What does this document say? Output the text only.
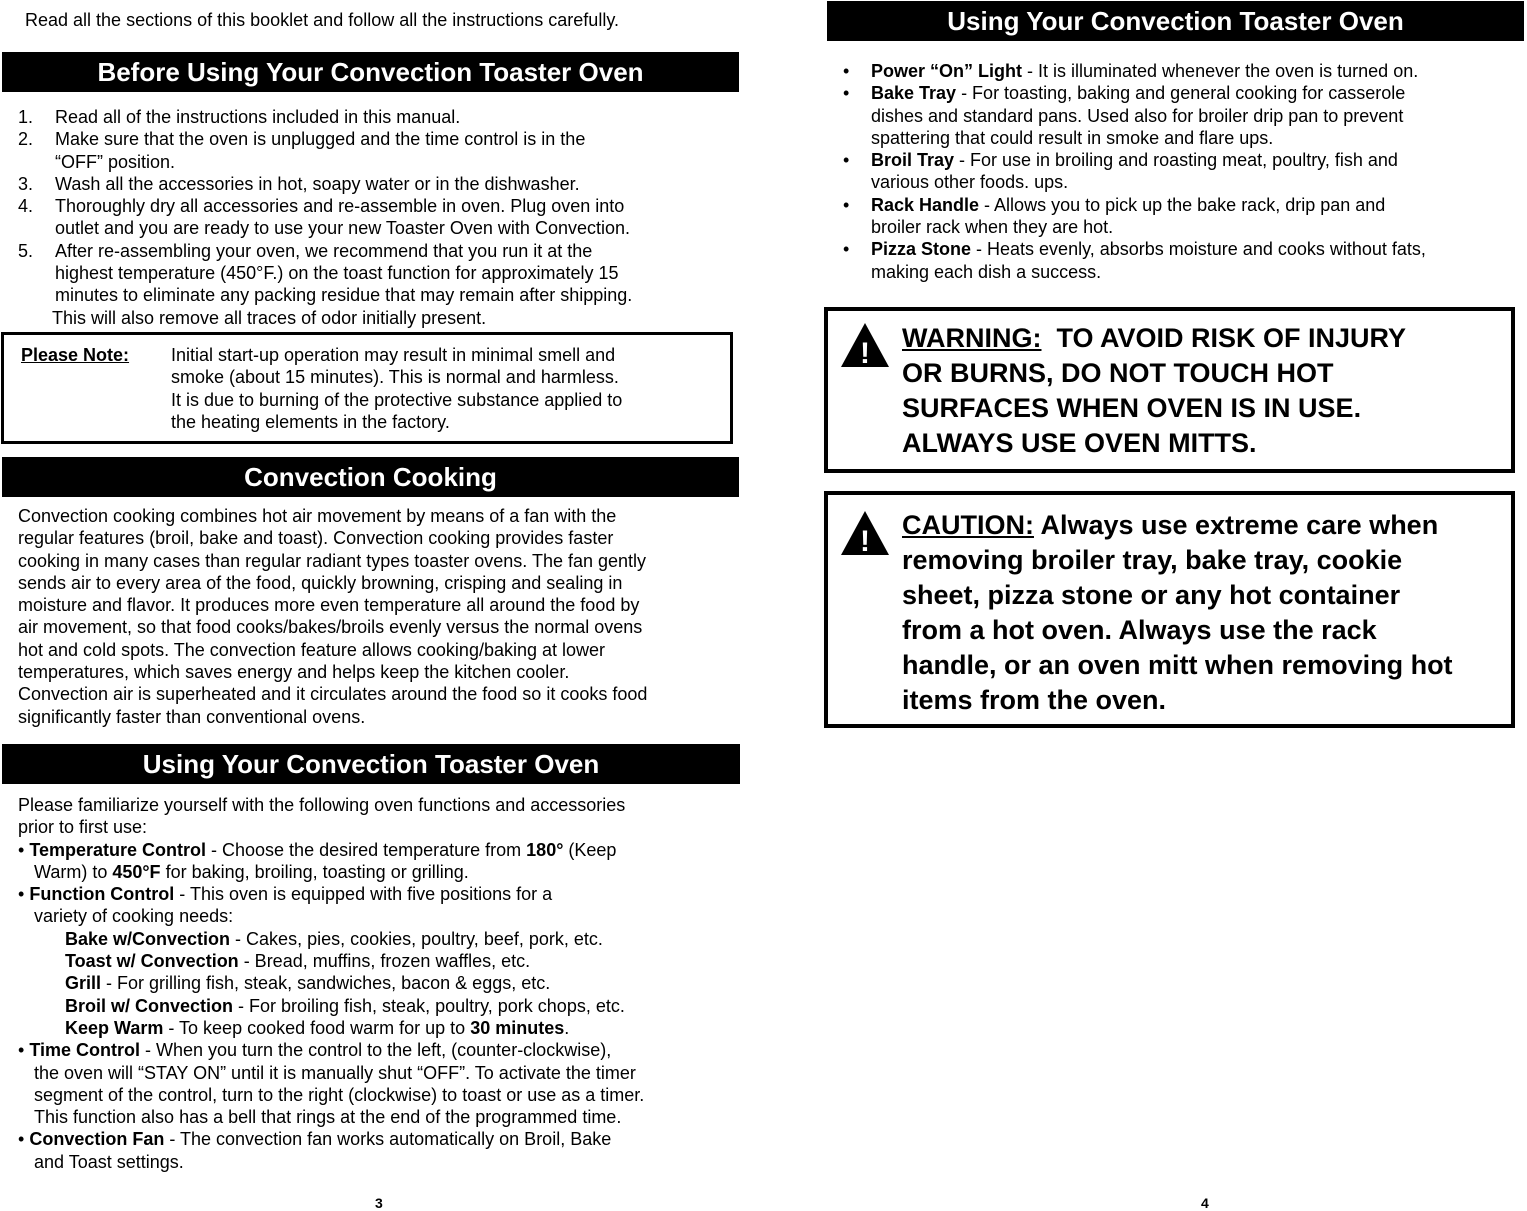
Read all the sections of this booklet and follow all the instructions carefully.
Before Using Your Convection Toaster Oven
1. Read all of the instructions included in this manual.
2. Make sure that the oven is unplugged and the time control is in the
“OFF” position.
3. Wash all the accessories in hot, soapy water or in the dishwasher.
4. Thoroughly dry all accessories and re-assemble in oven. Plug oven into
outlet and you are ready to use your new Toaster Oven with Convection.
5. After re-assembling your oven, we recommend that you run it at the
highest temperature (450°F.) on the toast function for approximately 15
minutes to eliminate any packing residue that may remain after shipping.
This will also remove all traces of odor initially present.
Please Note: Initial start-up operation may result in minimal smell and
smoke (about 15 minutes). This is normal and harmless.
It is due to burning of the protective substance applied to
the heating elements in the factory.
Convection Cooking
Convection cooking combines hot air movement by means of a fan with the
regular features (broil, bake and toast). Convection cooking provides faster
cooking in many cases than regular radiant types toaster ovens. The fan gently
sends air to every area of the food, quickly browning, crisping and sealing in
moisture and flavor. It produces more even temperature all around the food by
air movement, so that food cooks/bakes/broils evenly versus the normal ovens
hot and cold spots. The convection feature allows cooking/baking at lower
temperatures, which saves energy and helps keep the kitchen cooler.
Convection air is superheated and it circulates around the food so it cooks food
significantly faster than conventional ovens.
Using Your Convection Toaster Oven
Please familiarize yourself with the following oven functions and accessories
prior to first use:
• Temperature Control - Choose the desired temperature from 180° (Keep
Warm) to 450°F for baking, broiling, toasting or grilling.
• Function Control - This oven is equipped with five positions for a
variety of cooking needs:
Bake w/Convection - Cakes, pies, cookies, poultry, beef, pork, etc.
Toast w/ Convection - Bread, muffins, frozen waffles, etc.
Grill - For grilling fish, steak, sandwiches, bacon & eggs, etc.
Broil w/ Convection - For broiling fish, steak, poultry, pork chops, etc.
Keep Warm - To keep cooked food warm for up to 30 minutes.
• Time Control - When you turn the control to the left, (counter-clockwise),
the oven will “STAY ON” until it is manually shut “OFF”. To activate the timer
segment of the control, turn to the right (clockwise) to toast or use as a timer.
This function also has a bell that rings at the end of the programmed time.
• Convection Fan - The convection fan works automatically on Broil, Bake
and Toast settings.
3
Using Your Convection Toaster Oven
• Power “On” Light - It is illuminated whenever the oven is turned on.
• Bake Tray - For toasting, baking and general cooking for casserole
dishes and standard pans. Used also for broiler drip pan to prevent
spattering that could result in smoke and flare ups.
• Broil Tray - For use in broiling and roasting meat, poultry, fish and
various other foods. ups.
• Rack Handle - Allows you to pick up the bake rack, drip pan and
broiler rack when they are hot.
• Pizza Stone - Heats evenly, absorbs moisture and cooks without fats,
making each dish a success.
! WARNING:  TO AVOID RISK OF INJURY
OR BURNS, DO NOT TOUCH HOT
SURFACES WHEN OVEN IS IN USE.
ALWAYS USE OVEN MITTS.
! CAUTION: Always use extreme care when
removing broiler tray, bake tray, cookie
sheet, pizza stone or any hot container
from a hot oven. Always use the rack
handle, or an oven mitt when removing hot
items from the oven.
4
